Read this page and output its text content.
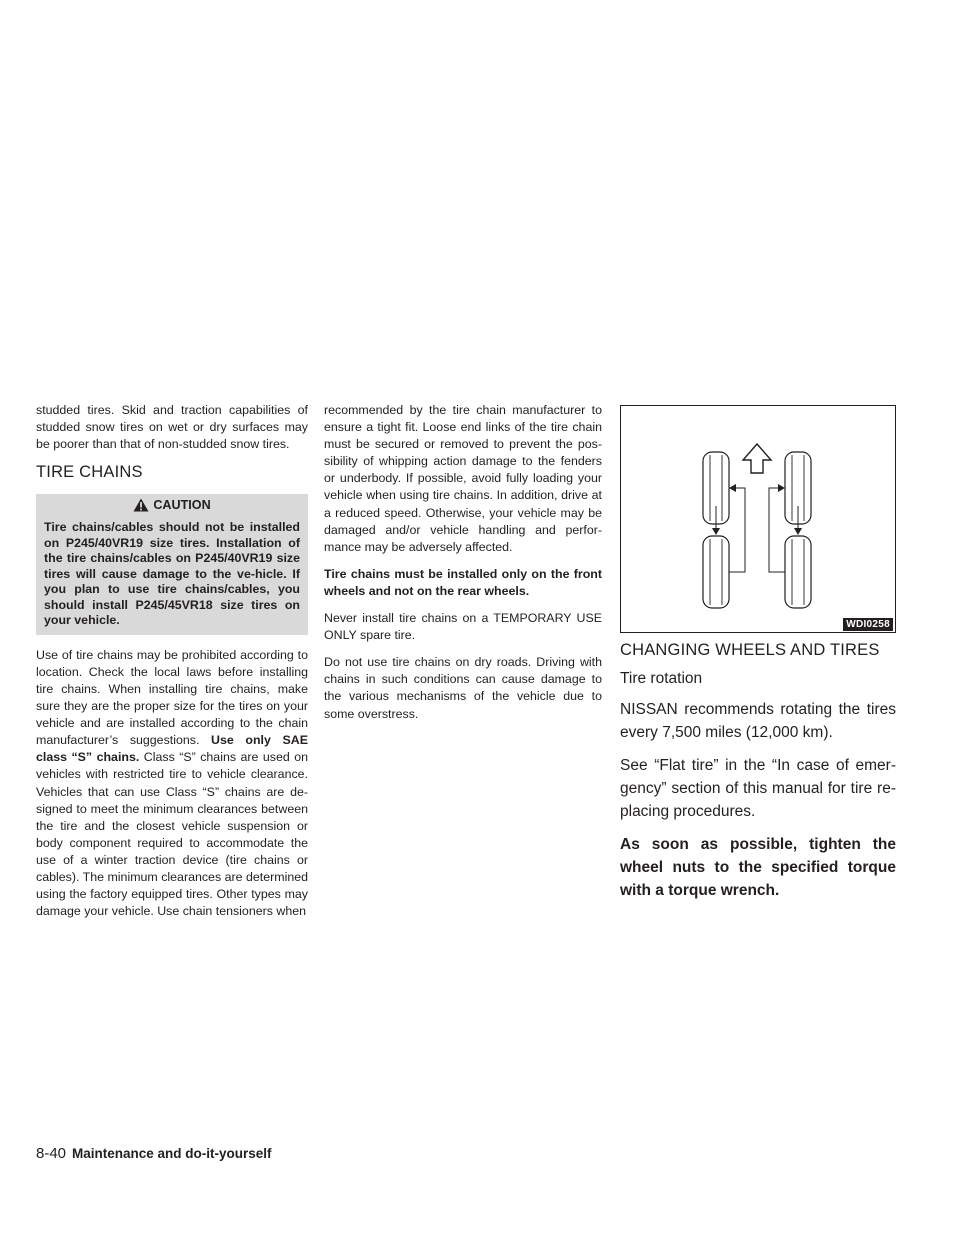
studded tires. Skid and traction capabilities of studded snow tires on wet or dry surfaces may be poorer than that of non-studded snow tires.

TIRE CHAINS
CAUTION
Tire chains/cables should not be installed on P245/40VR19 size tires. Installation of the tire chains/cables on P245/40VR19 size tires will cause damage to the ve-hicle. If you plan to use tire chains/cables, you should install P245/45VR18 size tires on your vehicle.

Use of tire chains may be prohibited according to location. Check the local laws before installing tire chains. When installing tire chains, make sure they are the proper size for the tires on your vehicle and are installed according to the chain manufacturer’s suggestions. Use only SAE class “S” chains. Class “S” chains are used on vehicles with restricted tire to vehicle clearance. Vehicles that can use Class “S” chains are de-signed to meet the minimum clearances between the tire and the closest vehicle suspension or body component required to accommodate the use of a winter traction device (tire chains or cables). The minimum clearances are determined using the factory equipped tires. Other types may damage your vehicle. Use chain tensioners when

recommended by the tire chain manufacturer to ensure a tight fit. Loose end links of the tire chain must be secured or removed to prevent the pos-sibility of whipping action damage to the fenders or underbody. If possible, avoid fully loading your vehicle when using tire chains. In addition, drive at a reduced speed. Otherwise, your vehicle may be damaged and/or vehicle handling and perfor-mance may be adversely affected.

Tire chains must be installed only on the front wheels and not on the rear wheels.

Never install tire chains on a TEMPORARY USE ONLY spare tire.

Do not use tire chains on dry roads. Driving with chains in such conditions can cause damage to the various mechanisms of the vehicle due to some overstress.

WDI0258
CHANGING WHEELS AND TIRES
Tire rotation

NISSAN recommends rotating the tires every 7,500 miles (12,000 km).

See “Flat tire” in the “In case of emer-gency” section of this manual for tire re-placing procedures.

As soon as possible, tighten the wheel nuts to the specified torque with a torque wrench.

8-40 Maintenance and do-it-yourself
